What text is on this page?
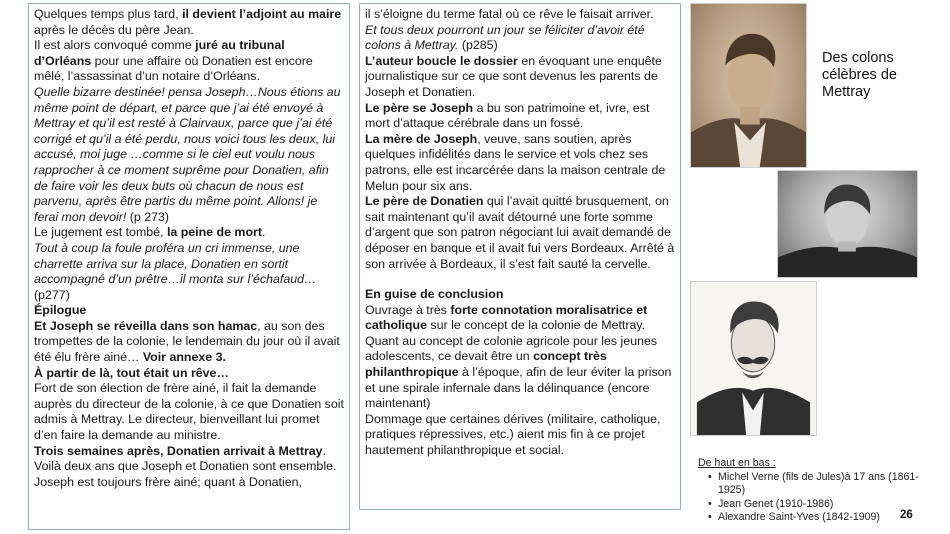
Quelques temps plus tard, il devient l’adjoint au maire après le décès du père Jean.

Il est alors convoqué comme juré au tribunal d’Orléans pour une affaire où Donatien est encore mêlé, l’assassinat d’un notaire d’Orléans.

Quelle bizarre destinée! pensa Joseph…Nous étions au même point de départ, et parce que j’ai été envoyé à Mettray et qu’il est resté à Clairvaux, parce que j’ai été corrigé et qu’il a été perdu, nous voici tous les deux, lui accusé, moi juge …comme si le ciel eut voulu nous rapprocher à ce moment suprême pour Donatien, afin de faire voir les deux buts où chacun de nous est parvenu, après être partis du même point. Allons! je ferai mon devoir! (p 273)

Le jugement est tombé, la peine de mort.

Tout à coup la foule proféra un cri immense, une charrette arriva sur la place, Donatien en sortit accompagné d’un prêtre…il monta sur l’échafaud… (p277)

Épilogue

Et Joseph se réveilla dans son hamac, au son des trompettes de la colonie, le lendemain du jour où il avait été élu frère ainé… Voir annexe 3.

À partir de là, tout était un rêve…

Fort de son élection de frère ainé, il fait la demande auprès du directeur de la colonie, à ce que Donatien soit admis à Mettray. Le directeur, bienveillant lui promet d’en faire la demande au ministre.

Trois semaines après, Donatien arrivait à Mettray.

Voilà deux ans que Joseph et Donatien sont ensemble. Joseph est toujours frère ainé; quant à Donatien,

il s’éloigne du terme fatal où ce rêve le faisait arriver.

Et tous deux pourront un jour se féliciter d’avoir été colons à Mettray. (p285)

L’auteur boucle le dossier en évoquant une enquête journalistique sur ce que sont devenus les parents de Joseph et Donatien.

Le père se Joseph a bu son patrimoine et, ivre, est mort d’attaque cérébrale dans un fossé.

La mère de Joseph, veuve, sans soutien, après quelques infidélités dans le service et vols chez ses patrons, elle est incarcérée dans la maison centrale de Melun pour six ans.

Le père de Donatien qui l’avait quitté brusquement, on sait maintenant qu’il avait détourné une forte somme d’argent que son patron négociant lui avait demandé de déposer en banque et il avait fui vers Bordeaux. Arrêté à son arrivée à Bordeaux, il s’est fait sauté la cervelle.

En guise de conclusion

Ouvrage à très forte connotation moralisatrice et catholique sur le concept de la colonie de Mettray. Quant au concept de colonie agricole pour les jeunes adolescents, ce devait être un concept très philanthropique à l’époque, afin de leur éviter la prison et une spirale infernale dans la délinquance (encore maintenant)

Dommage que certaines dérives (militaire, catholique, pratiques répressives, etc.) aient mis fin à ce projet hautement philanthropique et social.

Des colons célèbres de Mettray
De haut en bas :
• Michel Verne (fils de Jules)à 17 ans (1861-1925)
• Jean Genet (1910-1986)
• Alexandre Saint-Yves (1842-1909)	26
